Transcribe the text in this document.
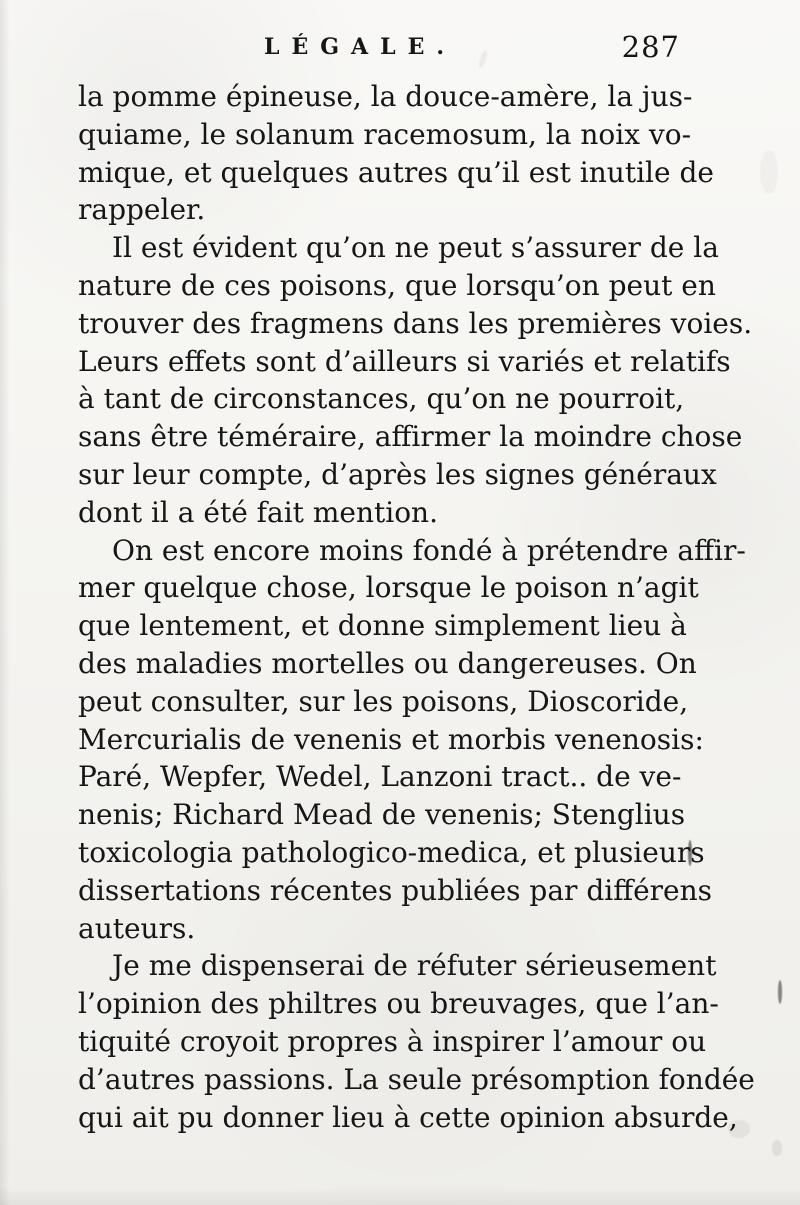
LÉGALE.	287
la pomme épineuse, la douce-amère, la jus-
quiame, le solanum racemosum, la noix vo-
mique, et quelques autres qu’il est inutile de
rappeler.
Il est évident qu’on ne peut s’assurer de la
nature de ces poisons, que lorsqu’on peut en
trouver des fragmens dans les premières voies.
Leurs effets sont d’ailleurs si variés et relatifs
à tant de circonstances, qu’on ne pourroit,
sans être téméraire, affirmer la moindre chose
sur leur compte, d’après les signes généraux
dont il a été fait mention.
On est encore moins fondé à prétendre affir-
mer quelque chose, lorsque le poison n’agit
que lentement, et donne simplement lieu à
des maladies mortelles ou dangereuses. On
peut consulter, sur les poisons, Dioscoride,
Mercurialis de venenis et morbis venenosis:
Paré, Wepfer, Wedel, Lanzoni tract.. de ve-
nenis; Richard Mead de venenis; Stenglius
toxicologia pathologico-medica, et plusieurs
dissertations récentes publiées par différens
auteurs.
Je me dispenserai de réfuter sérieusement
l’opinion des philtres ou breuvages, que l’an-
tiquité croyoit propres à inspirer l’amour ou
d’autres passions. La seule présomption fondée
qui ait pu donner lieu à cette opinion absurde,
